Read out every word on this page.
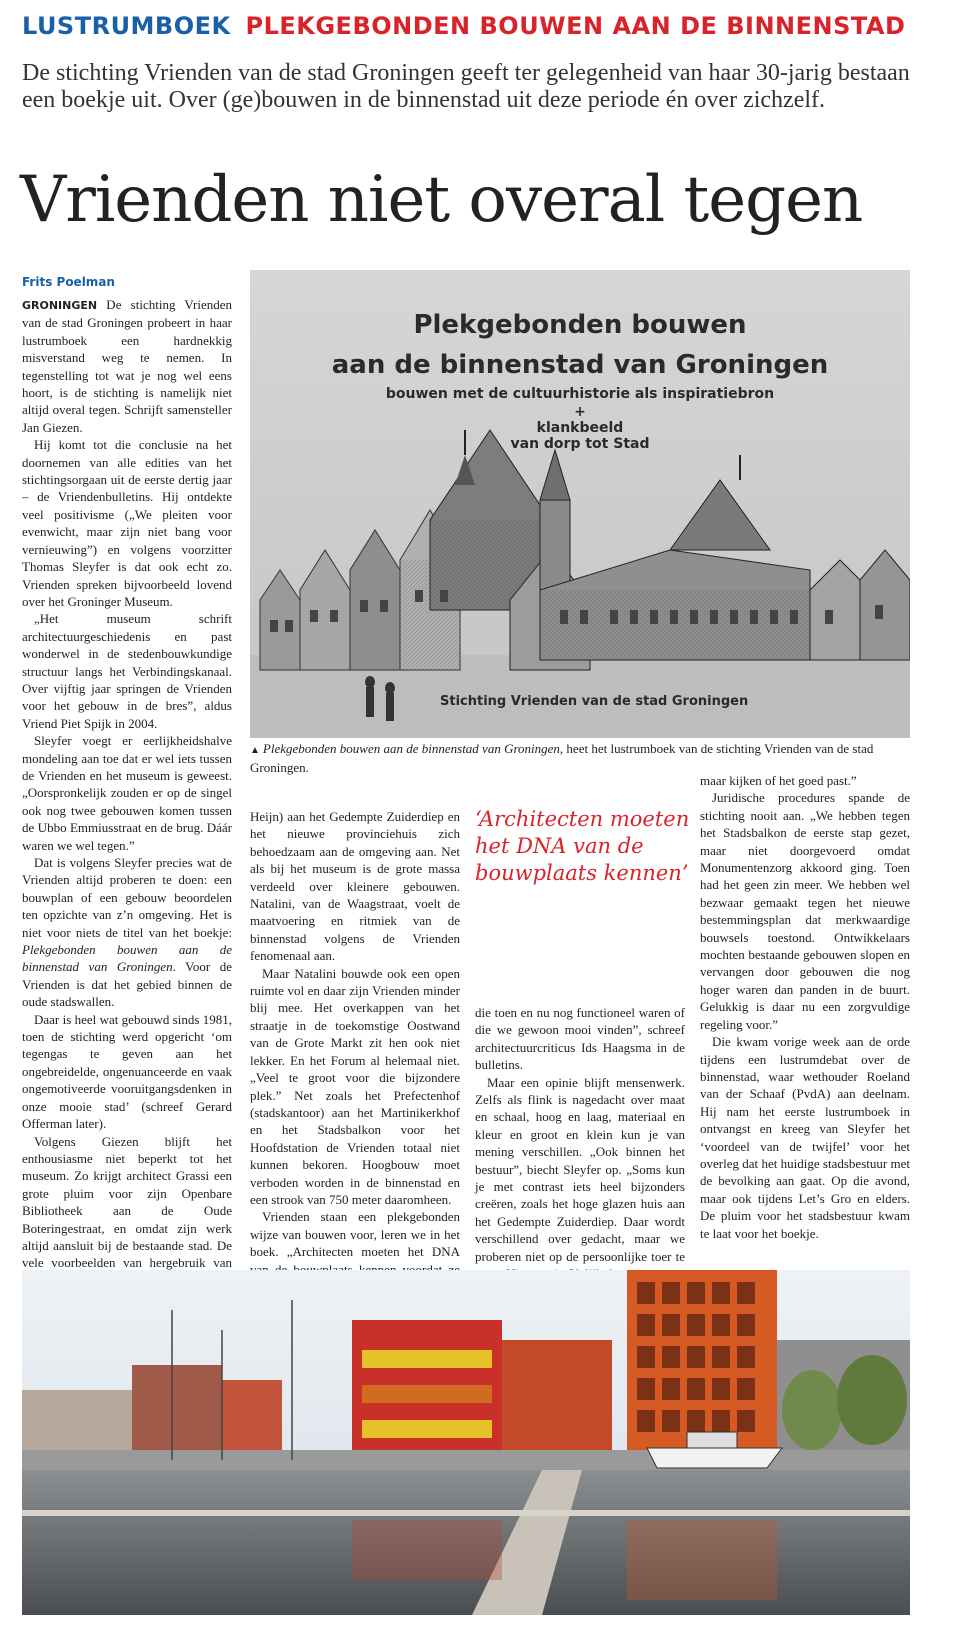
LUSTRUMBOEK PLEKGEBONDEN BOUWEN AAN DE BINNENSTAD
De stichting Vrienden van de stad Groningen geeft ter gelegenheid van haar 30-jarig bestaan een boekje uit. Over (ge)bouwen in de binnenstad uit deze periode én over zichzelf.
Vrienden niet overal tegen
Frits Poelman
Plekgebonden bouwen
aan de binnenstad van Groningen
bouwen met de cultuurhistorie als inspiratiebron
+
klankbeeld
van dorp tot Stad
Stichting Vrienden van de stad Groningen
▲ Plekgebonden bouwen aan de binnenstad van Groningen, heet het lustrumboek van de stichting Vrienden van de stad Groningen.

GRONINGEN De stichting Vrienden van de stad Groningen probeert in haar lustrumboek een hardnekkig misverstand weg te nemen. In tegenstelling tot wat je nog wel eens hoort, is de stichting is namelijk niet altijd overal tegen. Schrijft samensteller Jan Giezen.

Hij komt tot die conclusie na het doornemen van alle edities van het stichtingsorgaan uit de eerste dertig jaar – de Vriendenbulletins. Hij ontdekte veel positivisme („We pleiten voor evenwicht, maar zijn niet bang voor vernieuwing”) en volgens voorzitter Thomas Sleyfer is dat ook echt zo. Vrienden spreken bijvoorbeeld lovend over het Groninger Museum.

„Het museum schrift architectuurgeschiedenis en past wonderwel in de stedenbouwkundige structuur langs het Verbindingskanaal. Over vijftig jaar springen de Vrienden voor het gebouw in de bres”, aldus Vriend Piet Spijk in 2004.

Sleyfer voegt er eerlijkheidshalve mondeling aan toe dat er wel iets tussen de Vrienden en het museum is geweest. „Oorspronkelijk zouden er op de singel ook nog twee gebouwen komen tussen de Ubbo Emmiusstraat en de brug. Dáár waren we wel tegen.”

Dat is volgens Sleyfer precies wat de Vrienden altijd proberen te doen: een bouwplan of een gebouw beoordelen ten opzichte van z’n omgeving. Het is niet voor niets de titel van het boekje: Plekgebonden bouwen aan de binnenstad van Groningen. Voor de Vrienden is dat het gebied binnen de oude stadswallen.

Daar is heel wat gebouwd sinds 1981, toen de stichting werd opgericht ‘om tegengas te geven aan het ongebreidelde, ongenuanceerde en vaak ongemotiveerde vooruitgangsdenken in onze mooie stad’ (schreef Gerard Offerman later).

Volgens Giezen blijft het enthousiasme niet beperkt tot het museum. Zo krijgt architect Grassi een grote pluim voor zijn Openbare Bibliotheek aan de Oude Boteringestraat, en omdat zijn werk altijd aansluit bij de bestaande stad. De vele voorbeelden van hergebruik van

Heijn) aan het Gedempte Zuiderdiep en het nieuwe provinciehuis zich behoedzaam aan de omgeving aan. Net als bij het museum is de grote massa verdeeld over kleinere gebouwen. Natalini, van de Waagstraat, voelt de maatvoering en ritmiek van de binnenstad volgens de Vrienden fenomenaal aan.

Maar Natalini bouwde ook een open ruimte vol en daar zijn Vrienden minder blij mee. Het overkappen van het straatje in de toekomstige Oostwand van de Grote Markt zit hen ook niet lekker. En het Forum al helemaal niet. „Veel te groot voor die bijzondere plek.” Net zoals het Prefectenhof (stadskantoor) aan het Martinikerkhof en het Stadsbalkon voor het Hoofdstation de Vrienden totaal niet kunnen bekoren. Hoogbouw moet verboden worden in de binnenstad en een strook van 750 meter daaromheen.

Vrienden staan een plekgebonden wijze van bouwen voor, leren we in het boek. „Architecten moeten het DNA

‘Architecten moeten het DNA van de bouwplaats kennen’

die toen en nu nog functioneel waren of die we gewoon mooi vinden”, schreef architectuurcriticus Ids Haagsma in de bulletins.

Maar een opinie blijft mensenwerk. Zelfs als flink is nagedacht over maat en schaal, hoog en laag, materiaal en kleur en groot en klein kun je van mening verschillen. „Ook binnen het bestuur”, biecht Sleyfer op. „Soms kun je met contrast iets heel bijzonders creëren, zoals het hoge glazen huis aan het Gedempte Zuiderdiep. Daar wordt verschillend over gedacht, maar we proberen niet op de persoonlijke toer te

maar kijken of het goed past.”

Juridische procedures spande de stichting nooit aan. „We hebben tegen het Stadsbalkon de eerste stap gezet, maar niet doorgevoerd omdat Monumentenzorg akkoord ging. Toen had het geen zin meer. We hebben wel bezwaar gemaakt tegen het nieuwe bestemmingsplan dat merkwaardige bouwsels toestond. Ontwikkelaars mochten bestaande gebouwen slopen en vervangen door gebouwen die nog hoger waren dan panden in de buurt. Gelukkig is daar nu een zorgvuldige regeling voor.”

Die kwam vorige week aan de orde tijdens een lustrumdebat over de binnenstad, waar wethouder Roeland van der Schaaf (PvdA) aan deelnam. Hij nam het eerste lustrumboek in ontvangst en kreeg van Sleyfer het ‘voordeel van de twijfel’ voor het overleg dat het huidige stadsbestuur met de bevolking aan gaat. Op die avond, maar ook tijdens Let’s Gro en elders. De pluim voor het stadsbestuur kwam te laat voor het boekje.
